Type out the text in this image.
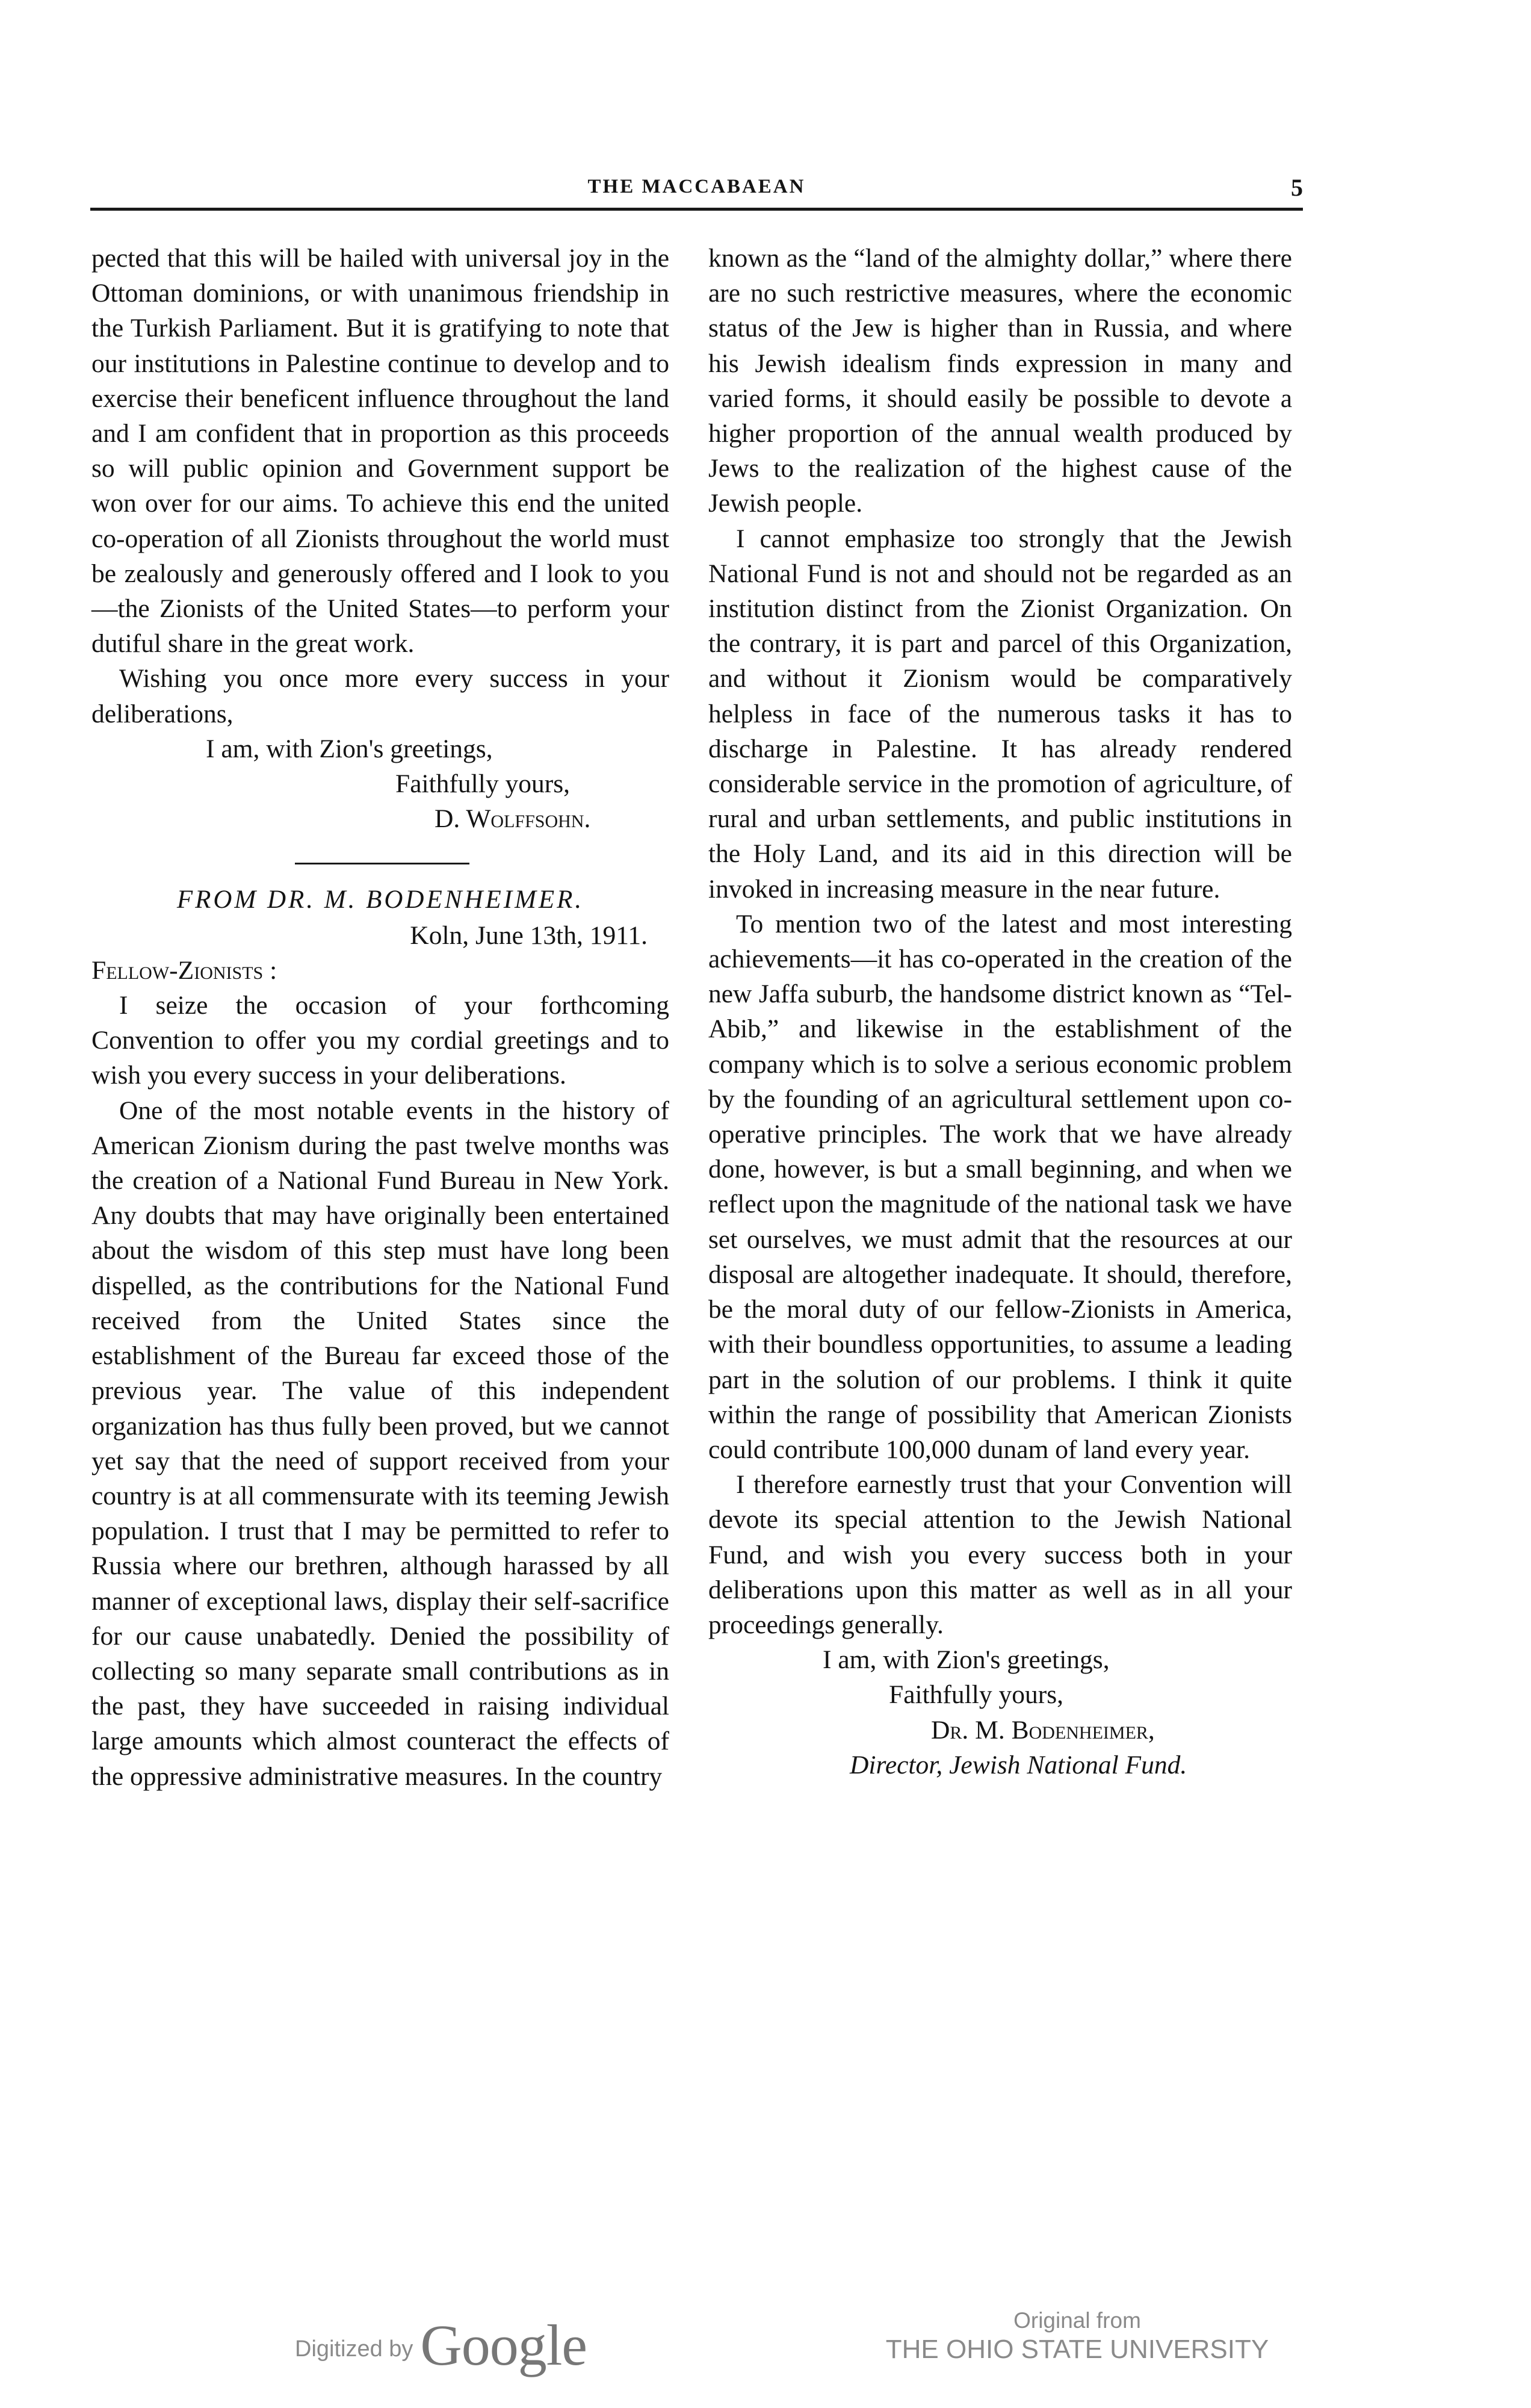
THE MACCABAEAN	5

pected that this will be hailed with universal joy in the Ottoman dominions, or with unanimous friendship in the Turkish Parliament. But it is gratifying to note that our institutions in Palestine continue to develop and to exercise their beneficent influence throughout the land and I am confident that in proportion as this proceeds so will public opinion and Government support be won over for our aims. To achieve this end the united co-operation of all Zionists throughout the world must be zealously and generously offered and I look to you—the Zionists of the United States—to perform your dutiful share in the great work.

Wishing you once more every success in your deliberations,

I am, with Zion's greetings,

Faithfully yours,

D. Wolffsohn.

FROM DR. M. BODENHEIMER.

Koln, June 13th, 1911.

Fellow-Zionists :

I seize the occasion of your forthcoming Convention to offer you my cordial greetings and to wish you every success in your deliberations.

One of the most notable events in the history of American Zionism during the past twelve months was the creation of a National Fund Bureau in New York. Any doubts that may have originally been entertained about the wisdom of this step must have long been dispelled, as the contributions for the National Fund received from the United States since the establishment of the Bureau far exceed those of the previous year. The value of this independent organization has thus fully been proved, but we cannot yet say that the need of support received from your country is at all commensurate with its teeming Jewish population. I trust that I may be permitted to refer to Russia where our brethren, although harassed by all manner of exceptional laws, display their self-sacrifice for our cause unabatedly. Denied the possibility of collecting so many separate small contributions as in the past, they have succeeded in raising individual large amounts which almost counteract the effects of the oppressive administrative measures. In the country

known as the “land of the almighty dollar,” where there are no such restrictive measures, where the economic status of the Jew is higher than in Russia, and where his Jewish idealism finds expression in many and varied forms, it should easily be possible to devote a higher proportion of the annual wealth produced by Jews to the realization of the highest cause of the Jewish people.

I cannot emphasize too strongly that the Jewish National Fund is not and should not be regarded as an institution distinct from the Zionist Organization. On the contrary, it is part and parcel of this Organization, and without it Zionism would be comparatively helpless in face of the numerous tasks it has to discharge in Palestine. It has already rendered considerable service in the promotion of agriculture, of rural and urban settlements, and public institutions in the Holy Land, and its aid in this direction will be invoked in increasing measure in the near future.

To mention two of the latest and most interesting achievements—it has co-operated in the creation of the new Jaffa suburb, the handsome district known as “Tel-Abib,” and likewise in the establishment of the company which is to solve a serious economic problem by the founding of an agricultural settlement upon co-operative principles. The work that we have already done, however, is but a small beginning, and when we reflect upon the magnitude of the national task we have set ourselves, we must admit that the resources at our disposal are altogether inadequate. It should, therefore, be the moral duty of our fellow-Zionists in America, with their boundless opportunities, to assume a leading part in the solution of our problems. I think it quite within the range of possibility that American Zionists could contribute 100,000 dunam of land every year.

I therefore earnestly trust that your Convention will devote its special attention to the Jewish National Fund, and wish you every success both in your deliberations upon this matter as well as in all your proceedings generally.

I am, with Zion's greetings,

Faithfully yours,

Dr. M. Bodenheimer,

Director, Jewish National Fund.

Digitized by Google	Original from
THE OHIO STATE UNIVERSITY
